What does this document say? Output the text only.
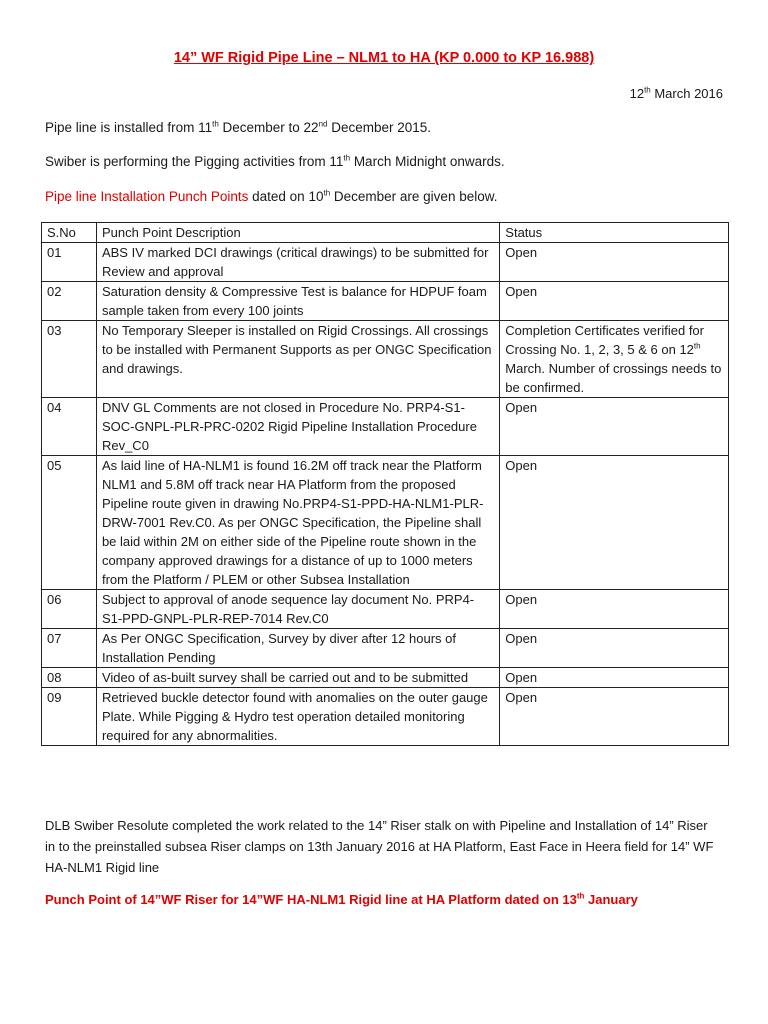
14” WF Rigid Pipe Line – NLM1 to HA (KP 0.000 to KP 16.988)
12th March 2016
Pipe line is installed from 11th December to 22nd December 2015.
Swiber is performing the Pigging activities from 11th March Midnight onwards.
Pipe line Installation Punch Points dated on 10th December are given below.
S.No	Punch Point Description	Status
01	ABS IV marked DCI drawings (critical drawings) to be submitted for Review and approval	Open
02	Saturation density & Compressive Test is balance for HDPUF foam sample taken from every 100 joints	Open
03	No Temporary Sleeper is installed on Rigid Crossings. All crossings to be installed with Permanent Supports as per ONGC Specification and drawings.	Completion Certificates verified for Crossing No. 1, 2, 3, 5 & 6 on 12th March. Number of crossings needs to be confirmed.
04	DNV GL Comments are not closed in Procedure No. PRP4-S1-SOC-GNPL-PLR-PRC-0202 Rigid Pipeline Installation Procedure Rev_C0	Open
05	As laid line of HA-NLM1 is found 16.2M off track near the Platform NLM1 and 5.8M off track near HA Platform from the proposed Pipeline route given in drawing No.PRP4-S1-PPD-HA-NLM1-PLR-DRW-7001 Rev.C0. As per ONGC Specification, the Pipeline shall be laid within 2M on either side of the Pipeline route shown in the company approved drawings for a distance of up to 1000 meters from the Platform / PLEM or other Subsea Installation	Open
06	Subject to approval of anode sequence lay document No. PRP4-S1-PPD-GNPL-PLR-REP-7014 Rev.C0	Open
07	As Per ONGC Specification, Survey by diver after 12 hours of Installation Pending	Open
08	Video of as-built survey shall be carried out and to be submitted	Open
09	Retrieved buckle detector found with anomalies on the outer gauge Plate. While Pigging & Hydro test operation detailed monitoring required for any abnormalities.	Open
DLB Swiber Resolute completed the work related to the 14” Riser stalk on with Pipeline and Installation of 14” Riser in to the preinstalled subsea Riser clamps on 13th January 2016 at HA Platform, East Face in Heera field for 14” WF HA-NLM1 Rigid line
Punch Point of 14”WF Riser for 14”WF HA-NLM1 Rigid line at HA Platform dated on 13th January
